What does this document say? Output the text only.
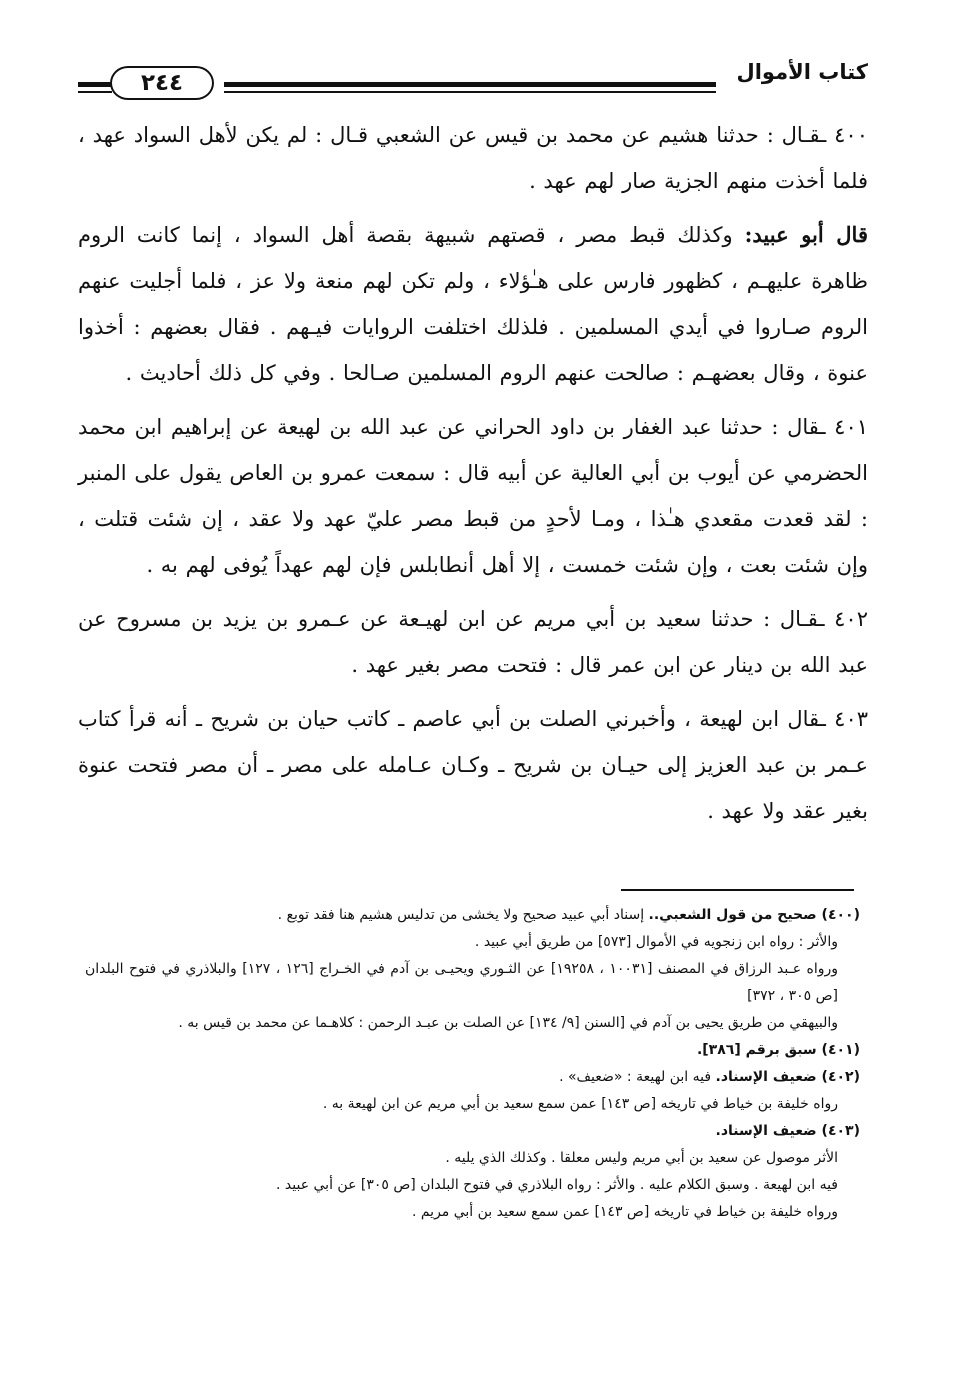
كتاب الأموال
٢٤٤

٤٠٠ ـقـال : حدثنا هشيم عن محمد بن قيس عن الشعبي قـال : لم يكن لأهل السواد عهد ، فلما أخذت منهم الجزية صار لهم عهد .

قال أبو عبيد: وكذلك قبط مصر ، قصتهم شبيهة بقصة أهل السواد ، إنما كانت الروم ظاهرة عليهـم ، كظهور فارس على هـٰؤلاء ، ولم تكن لهم منعة ولا عز ، فلما أجليت عنهم الروم صـاروا في أيدي المسلمين . فلذلك اختلفت الروايات فيـهم . فقال بعضهم : أخذوا عنوة ، وقال بعضهـم : صالحت عنهم الروم المسلمين صـالحا . وفي كل ذلك أحاديث .

٤٠١ ـقال : حدثنا عبد الغفار بن داود الحراني عن عبد الله بن لهيعة عن إبراهيم ابن محمد الحضرمي عن أيوب بن أبي العالية عن أبيه قال : سمعت عمرو بن العاص يقول على المنبر : لقد قعدت مقعدي هـٰذا ، ومـا لأحدٍ من قبط مصر عليّ عهد ولا عقد ، إن شئت قتلت ، وإن شئت بعت ، وإن شئت خمست ، إلا أهل أنطابلس فإن لهم عهداً يُوفى لهم به .

٤٠٢ ـقـال : حدثنا سعيد بن أبي مريم عن ابن لهيـعة عن عـمرو بن يزيد بن مسروح عن عبد الله بن دينار عن ابن عمر قال : فتحت مصر بغير عهد .

٤٠٣ ـقال ابن لهيعة ، وأخبرني الصلت بن أبي عاصم ـ كاتب حيان بن شريح ـ أنه قرأ كتاب عـمر بن عبد العزيز إلى حيـان بن شريح ـ وكـان عـامله على مصر ـ أن مصر فتحت عنوة بغير عقد ولا عهد .

(٤٠٠) صحيح من قول الشعبي.. إسناد أبي عبيد صحيح ولا يخشى من تدليس هشيم هنا فقد توبع .

والأثر : رواه ابن زنجويه في الأموال [٥٧٣] من طريق أبي عبيد .

ورواه عـبد الرزاق في المصنف [١٠٠٣١ ، ١٩٢٥٨] عن الثـوري ويحيـى بن آدم في الخـراج [١٢٦ ، ١٢٧] والبلاذري في فتوح البلدان [ص ٣٠٥ ، ٣٧٢]

والبيهقي من طريق يحيى بن آدم في [السنن [٩/ ١٣٤] عن الصلت بن عبـد الرحمن : كلاهـما عن محمد بن قيس به .

(٤٠١) سبق برقم [٣٨٦].

(٤٠٢) ضعيف الإسناد. فيه ابن لهيعة : «ضعيف» .

رواه خليفة بن خياط في تاريخه [ص ١٤٣] عمن سمع سعيد بن أبي مريم عن ابن لهيعة به .

(٤٠٣) ضعيف الإسناد.

الأثر موصول عن سعيد بن أبي مريم وليس معلقا . وكذلك الذي يليه .

فيه ابن لهيعة . وسبق الكلام عليه . والأثر : رواه البلاذري في فتوح البلدان [ص ٣٠٥] عن أبي عبيد .

ورواه خليفة بن خياط في تاريخه [ص ١٤٣] عمن سمع سعيد بن أبي مريم .
